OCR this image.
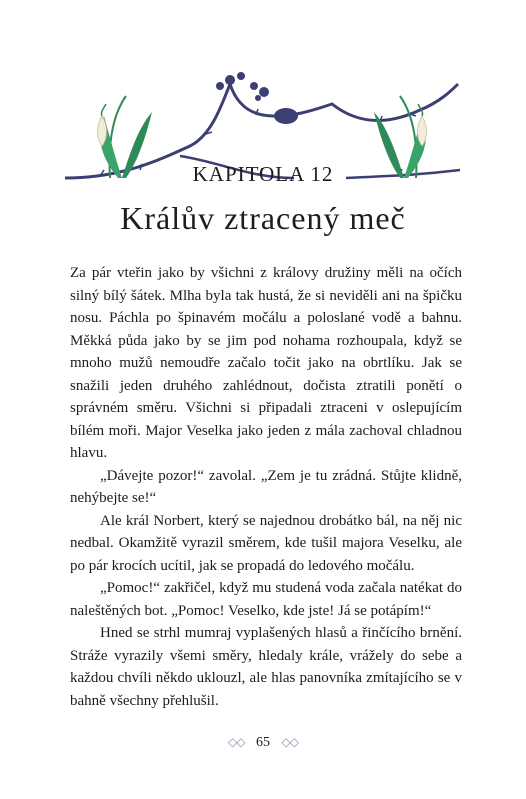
KAPITOLA 12
Králův ztracený meč

Za pár vteřin jako by všichni z královy družiny měli na očích silný bílý šátek. Mlha byla tak hustá, že si neviděli ani na špičku nosu. Páchla po špinavém močálu a poloslané vodě a bahnu. Měkká půda jako by se jim pod nohama rozhoupala, když se mnoho mužů nemoudře začalo točit jako na obrtlíku. Jak se snažili jeden druhého zahlédnout, dočista ztratili ponětí o správném směru. Všichni si připadali ztraceni v oslepujícím bílém moři. Major Veselka jako jeden z mála zachoval chladnou hlavu.

„Dávejte pozor!“ zavolal. „Zem je tu zrádná. Stůjte klidně, nehýbejte se!“

Ale král Norbert, který se najednou drobátko bál, na něj nic nedbal. Okamžitě vyrazil směrem, kde tušil majora Veselku, ale po pár krocích ucítil, jak se propadá do ledového močálu.

„Pomoc!“ zakřičel, když mu studená voda začala natékat do naleštěných bot. „Pomoc! Veselko, kde jste! Já se potápím!“

Hned se strhl mumraj vyplašených hlasů a řinčícího brnění. Stráže vyrazily všemi směry, hledaly krále, vrážely do sebe a každou chvíli někdo uklouzl, ale hlas panovníka zmítajícího se v bahně všechny přehlušil.

◇◇ 65 ◇◇
